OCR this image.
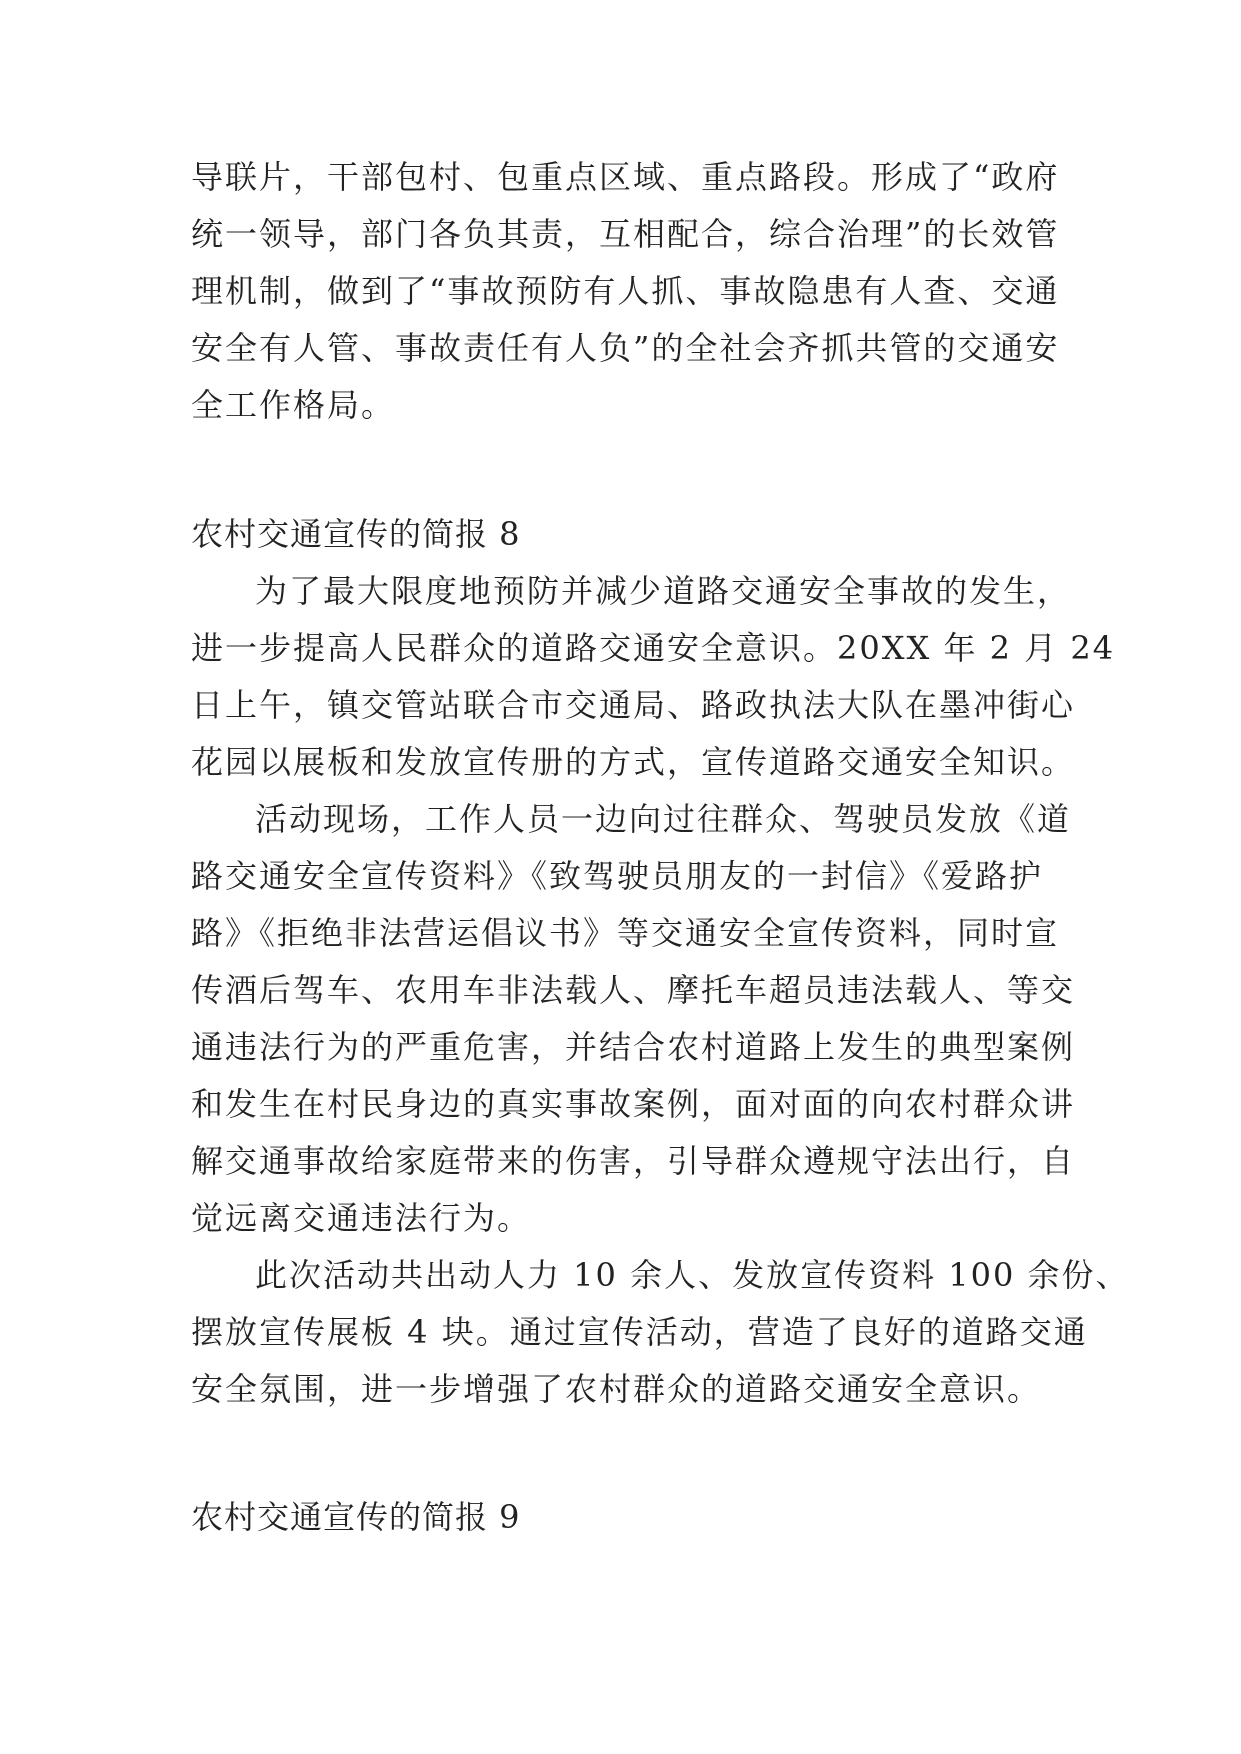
导联片，干部包村、包重点区域、重点路段。形成了“政府
统一领导，部门各负其责，互相配合，综合治理”的长效管
理机制，做到了“事故预防有人抓、事故隐患有人查、交通
安全有人管、事故责任有人负”的全社会齐抓共管的交通安
全工作格局。
农村交通宣传的简报 8
为了最大限度地预防并减少道路交通安全事故的发生，
进一步提高人民群众的道路交通安全意识。20XX 年 2 月 24
日上午，镇交管站联合市交通局、路政执法大队在墨冲街心
花园以展板和发放宣传册的方式，宣传道路交通安全知识。
活动现场，工作人员一边向过往群众、驾驶员发放《道
路交通安全宣传资料》《致驾驶员朋友的一封信》《爱路护
路》《拒绝非法营运倡议书》等交通安全宣传资料，同时宣
传酒后驾车、农用车非法载人、摩托车超员违法载人、等交
通违法行为的严重危害，并结合农村道路上发生的典型案例
和发生在村民身边的真实事故案例，面对面的向农村群众讲
解交通事故给家庭带来的伤害，引导群众遵规守法出行，自
觉远离交通违法行为。
此次活动共出动人力 10 余人、发放宣传资料 100 余份、
摆放宣传展板 4 块。通过宣传活动，营造了良好的道路交通
安全氛围，进一步增强了农村群众的道路交通安全意识。
农村交通宣传的简报 9
